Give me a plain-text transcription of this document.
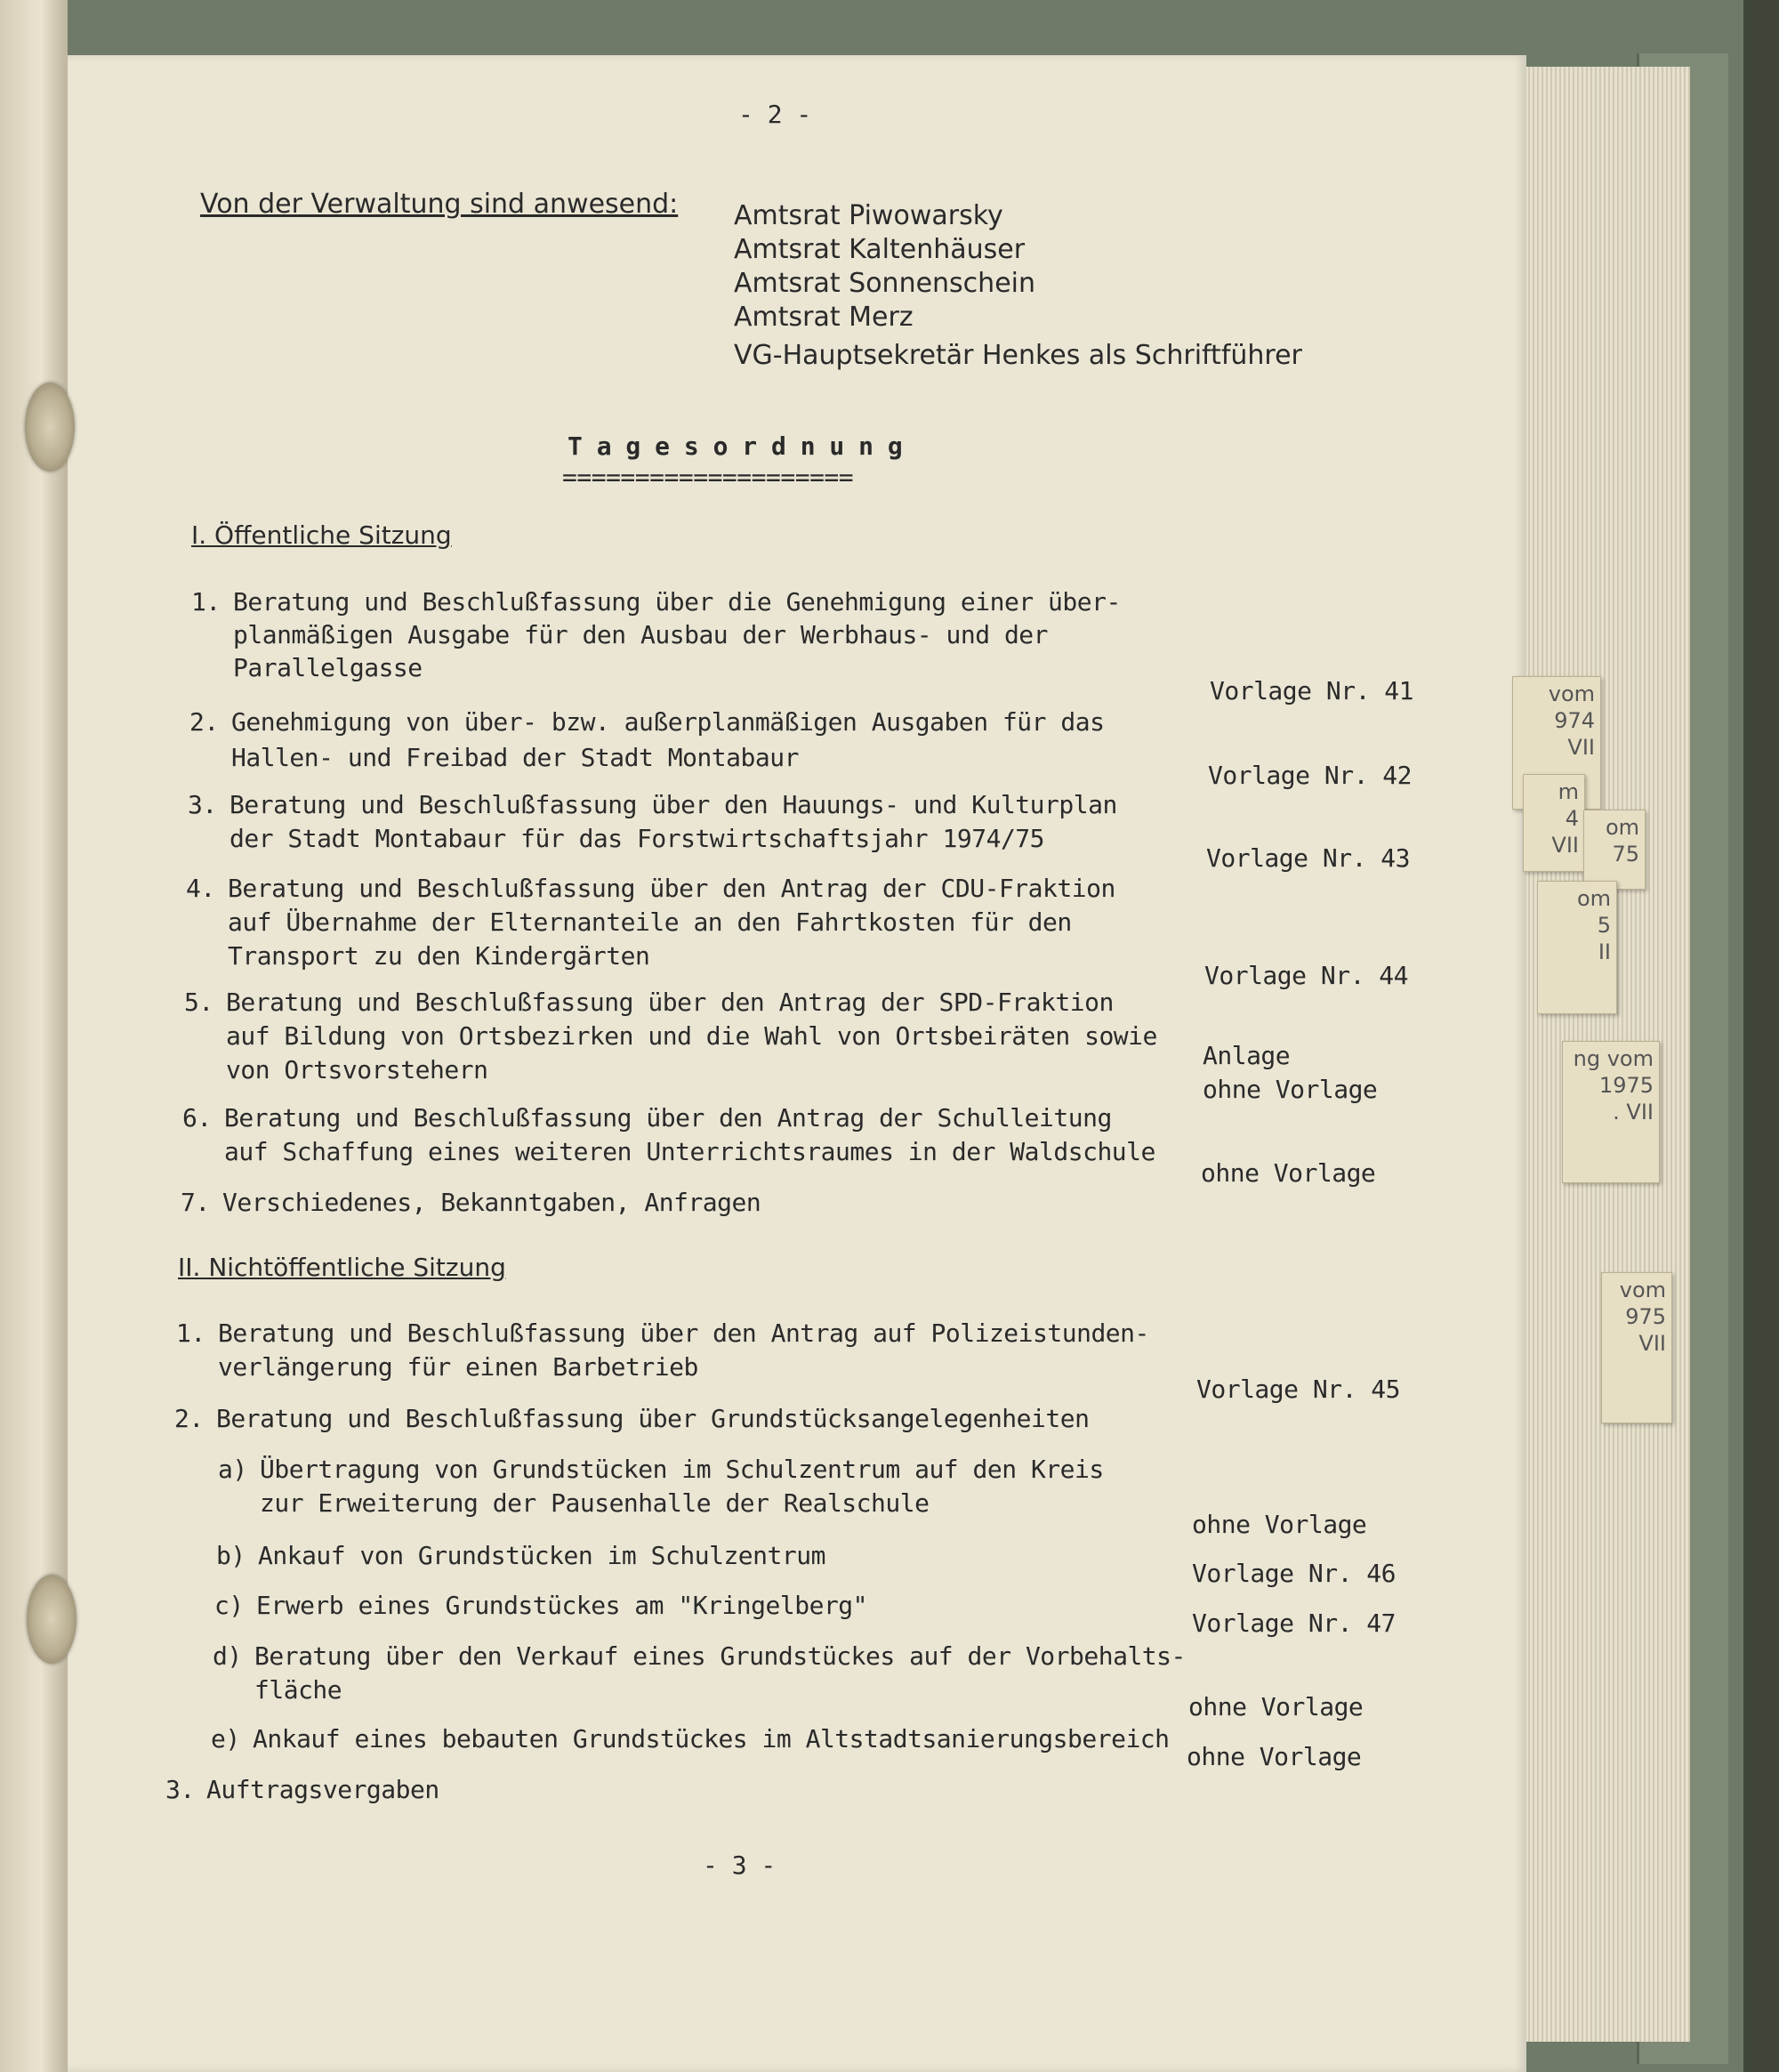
vom
974
VII
m
4
VII
om
75
om
5
II
ng vom
1975
. VII
vom
975
VII
- 2 -
Von der Verwaltung sind anwesend: Amtsrat Piwowarsky
Amtsrat Kaltenhäuser
Amtsrat Sonnenschein
Amtsrat Merz
VG-Hauptsekretär Henkes als Schriftführer
T a g e s o r d n u n g
====================
I. Öffentliche Sitzung
1. Beratung und Beschlußfassung über die Genehmigung einer über-
planmäßigen Ausgabe für den Ausbau der Werbhaus- und der
Parallelgasse
Vorlage Nr. 41
2. Genehmigung von über- bzw. außerplanmäßigen Ausgaben für das
Hallen- und Freibad der Stadt Montabaur
Vorlage Nr. 42
3. Beratung und Beschlußfassung über den Hauungs- und Kulturplan
der Stadt Montabaur für das Forstwirtschaftsjahr 1974/75
Vorlage Nr. 43
4. Beratung und Beschlußfassung über den Antrag der CDU-Fraktion
auf Übernahme der Elternanteile an den Fahrtkosten für den
Transport zu den Kindergärten
Vorlage Nr. 44
5. Beratung und Beschlußfassung über den Antrag der SPD-Fraktion
auf Bildung von Ortsbezirken und die Wahl von Ortsbeiräten sowie
von Ortsvorstehern	Anlage
ohne Vorlage
6. Beratung und Beschlußfassung über den Antrag der Schulleitung
auf Schaffung eines weiteren Unterrichtsraumes in der Waldschule
ohne Vorlage
7. Verschiedenes, Bekanntgaben, Anfragen
II. Nichtöffentliche Sitzung
1. Beratung und Beschlußfassung über den Antrag auf Polizeistunden-
verlängerung für einen Barbetrieb
Vorlage Nr. 45
2. Beratung und Beschlußfassung über Grundstücksangelegenheiten
a) Übertragung von Grundstücken im Schulzentrum auf den Kreis
zur Erweiterung der Pausenhalle der Realschule
ohne Vorlage
b) Ankauf von Grundstücken im Schulzentrum
Vorlage Nr. 46
c) Erwerb eines Grundstückes am "Kringelberg"
Vorlage Nr. 47
d) Beratung über den Verkauf eines Grundstückes auf der Vorbehalts-
fläche
ohne Vorlage
e) Ankauf eines bebauten Grundstückes im Altstadtsanierungsbereich
ohne Vorlage
3. Auftragsvergaben
- 3 -
